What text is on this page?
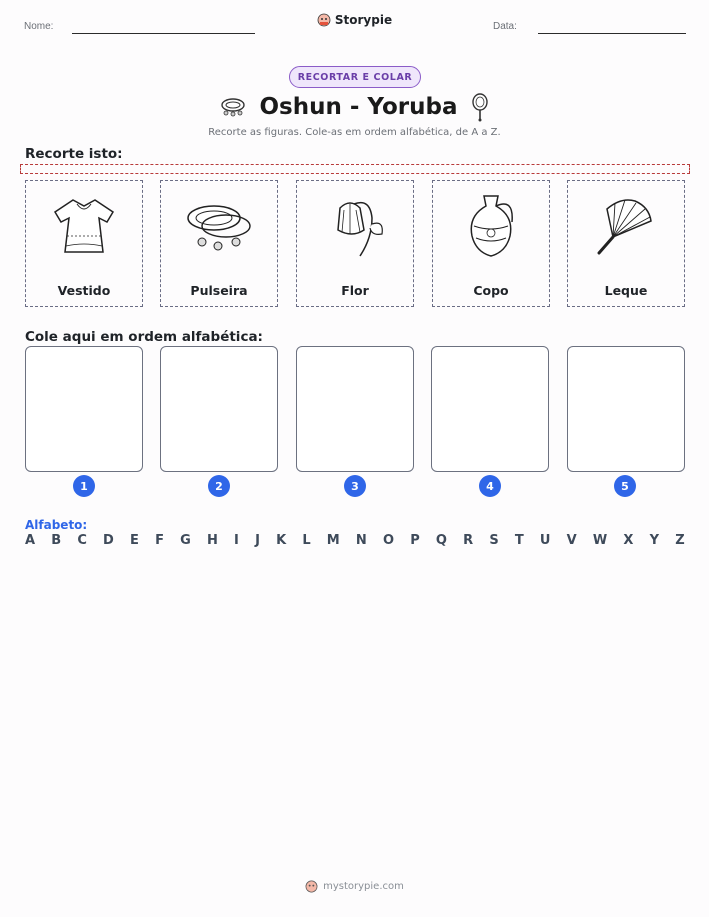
Nome:	Storypie	Data:
RECORTAR E COLAR
Oshun - Yoruba
Recorte as figuras. Cole-as em ordem alfabética, de A a Z.
Recorte isto:
Vestido	Pulseira	Flor	Copo	Leque
Cole aqui em ordem alfabética:
1	2	3	4	5
Alfabeto:
A B C D E F G H I J K L M N O P Q R S T U V W X Y Z
mystorypie.com
